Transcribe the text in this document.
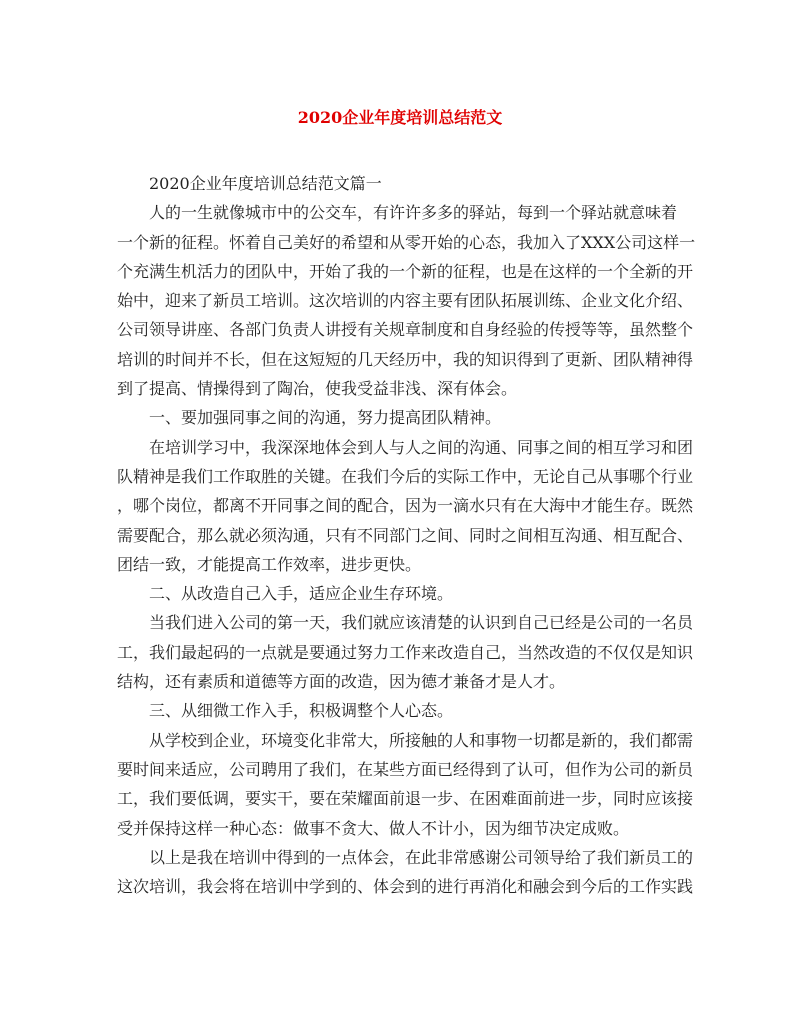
2020企业年度培训总结范文

2020企业年度培训总结范文篇一

人的一生就像城市中的公交车，有许许多多的驿站，每到一个驿站就意味着
一个新的征程。怀着自己美好的希望和从零开始的心态，我加入了XXX公司这样一
个充满生机活力的团队中，开始了我的一个新的征程，也是在这样的一个全新的开
始中，迎来了新员工培训。这次培训的内容主要有团队拓展训练、企业文化介绍、
公司领导讲座、各部门负责人讲授有关规章制度和自身经验的传授等等，虽然整个
培训的时间并不长，但在这短短的几天经历中，我的知识得到了更新、团队精神得
到了提高、情操得到了陶冶，使我受益非浅、深有体会。

一、要加强同事之间的沟通，努力提高团队精神。

在培训学习中，我深深地体会到人与人之间的沟通、同事之间的相互学习和团
队精神是我们工作取胜的关键。在我们今后的实际工作中，无论自己从事哪个行业
，哪个岗位，都离不开同事之间的配合，因为一滴水只有在大海中才能生存。既然
需要配合，那么就必须沟通，只有不同部门之间、同时之间相互沟通、相互配合、
团结一致，才能提高工作效率，进步更快。

二、从改造自己入手，适应企业生存环境。

当我们进入公司的第一天，我们就应该清楚的认识到自己已经是公司的一名员
工，我们最起码的一点就是要通过努力工作来改造自己，当然改造的不仅仅是知识
结构，还有素质和道德等方面的改造，因为德才兼备才是人才。

三、从细微工作入手，积极调整个人心态。

从学校到企业，环境变化非常大，所接触的人和事物一切都是新的，我们都需
要时间来适应，公司聘用了我们，在某些方面已经得到了认可，但作为公司的新员
工，我们要低调，要实干，要在荣耀面前退一步、在困难面前进一步，同时应该接
受并保持这样一种心态：做事不贪大、做人不计小，因为细节决定成败。

以上是我在培训中得到的一点体会，在此非常感谢公司领导给了我们新员工的
这次培训，我会将在培训中学到的、体会到的进行再消化和融会到今后的工作实践
